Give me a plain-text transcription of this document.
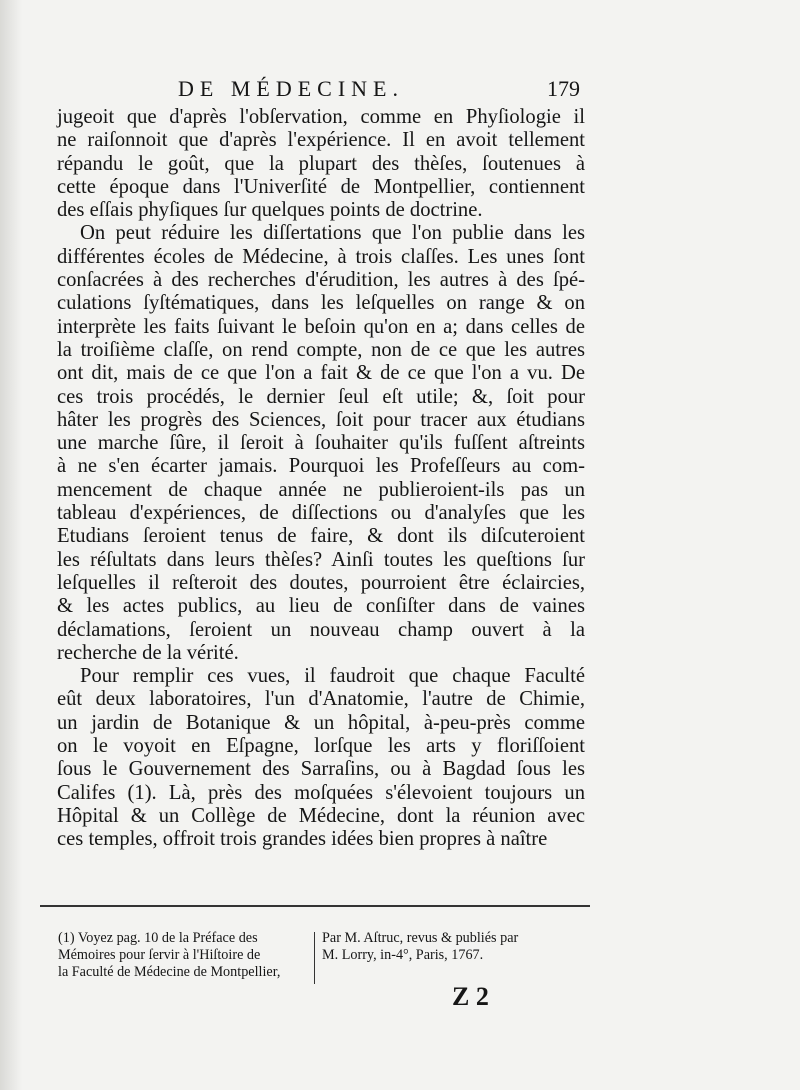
DE MÉDECINE.	179
jugeoit que d'après l'obſervation, comme en Phyſiologie il
ne raiſonnoit que d'après l'expérience. Il en avoit tellement
répandu le goût, que la plupart des thèſes, ſoutenues à
cette époque dans l'Univerſité de Montpellier, contiennent
des eſſais phyſiques ſur quelques points de doctrine.
On peut réduire les diſſertations que l'on publie dans les
différentes écoles de Médecine, à trois claſſes. Les unes ſont
conſacrées à des recherches d'érudition, les autres à des ſpé-
culations ſyſtématiques, dans les leſquelles on range & on
interprète les faits ſuivant le beſoin qu'on en a; dans celles de
la troiſième claſſe, on rend compte, non de ce que les autres
ont dit, mais de ce que l'on a fait & de ce que l'on a vu. De
ces trois procédés, le dernier ſeul eſt utile; &, ſoit pour
hâter les progrès des Sciences, ſoit pour tracer aux étudians
une marche ſûre, il ſeroit à ſouhaiter qu'ils fuſſent aſtreints
à ne s'en écarter jamais. Pourquoi les Profeſſeurs au com-
mencement de chaque année ne publieroient-ils pas un
tableau d'expériences, de diſſections ou d'analyſes que les
Etudians ſeroient tenus de faire, & dont ils diſcuteroient
les réſultats dans leurs thèſes? Ainſi toutes les queſtions ſur
leſquelles il reſteroit des doutes, pourroient être éclaircies,
& les actes publics, au lieu de conſiſter dans de vaines
déclamations, ſeroient un nouveau champ ouvert à la
recherche de la vérité.
Pour remplir ces vues, il faudroit que chaque Faculté
eût deux laboratoires, l'un d'Anatomie, l'autre de Chimie,
un jardin de Botanique & un hôpital, à-peu-près comme
on le voyoit en Eſpagne, lorſque les arts y floriſſoient
ſous le Gouvernement des Sarraſins, ou à Bagdad ſous les
Califes (1). Là, près des moſquées s'élevoient toujours un
Hôpital & un Collège de Médecine, dont la réunion avec
ces temples, offroit trois grandes idées bien propres à naître
(1) Voyez pag. 10 de la Préface des
Mémoires pour ſervir à l'Hiſtoire de
la Faculté de Médecine de Montpellier,
Par M. Aſtruc, revus & publiés par
M. Lorry, in-4°, Paris, 1767.
Z 2
